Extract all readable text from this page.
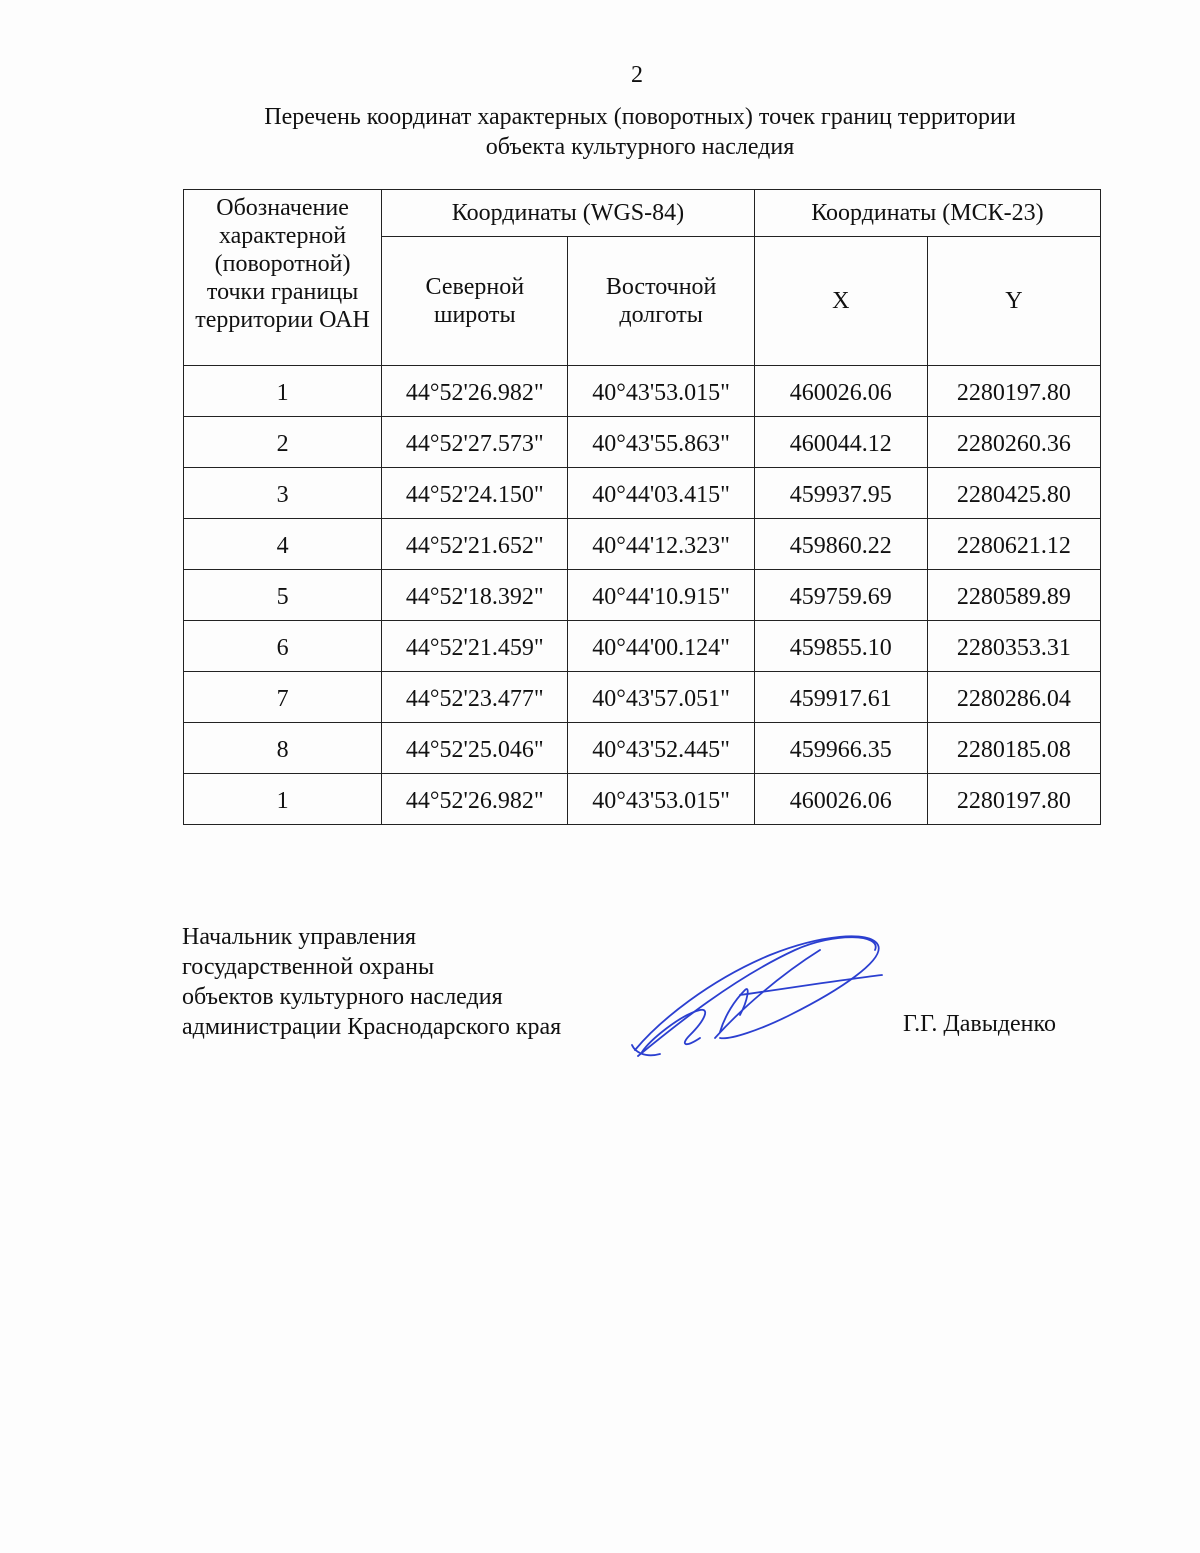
2
Перечень координат характерных (поворотных) точек границ территории
объекта культурного наследия
Обозначение характерной (поворотной) точки границы территории ОАН	Координаты (WGS-84)		Координаты (МСК-23)	
	Северной широты	Восточной долготы	X	Y
1	44°52'26.982"	40°43'53.015"	460026.06	2280197.80
2	44°52'27.573"	40°43'55.863"	460044.12	2280260.36
3	44°52'24.150"	40°44'03.415"	459937.95	2280425.80
4	44°52'21.652"	40°44'12.323"	459860.22	2280621.12
5	44°52'18.392"	40°44'10.915"	459759.69	2280589.89
6	44°52'21.459"	40°44'00.124"	459855.10	2280353.31
7	44°52'23.477"	40°43'57.051"	459917.61	2280286.04
8	44°52'25.046"	40°43'52.445"	459966.35	2280185.08
1	44°52'26.982"	40°43'53.015"	460026.06	2280197.80
Начальник управления
государственной охраны
объектов культурного наследия
администрации Краснодарского края	Г.Г. Давыденко
